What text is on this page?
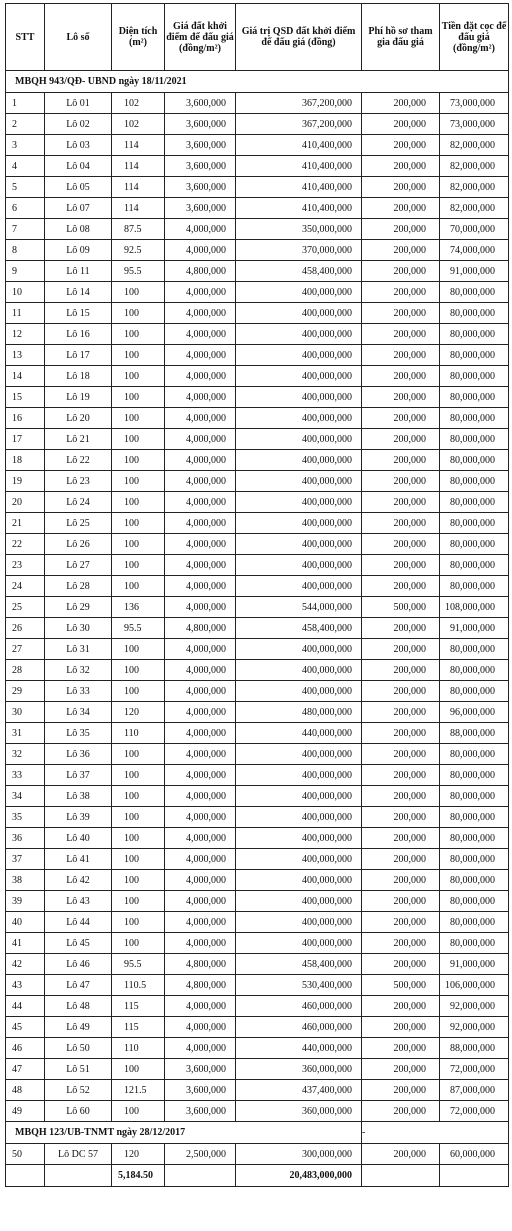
STT	Lô số	Diện tích (m²)	Giá đất khởi điểm để đấu giá (đồng/m²)	Giá trị QSD đất khởi điểm để đấu giá (đồng)	Phí hồ sơ tham gia đấu giá	Tiền đặt cọc để đấu giá (đồng/m²)
MBQH 943/QĐ- UBND ngày 18/11/2021						
1	Lô 01	102	3,600,000	367,200,000	200,000	73,000,000
2	Lô 02	102	3,600,000	367,200,000	200,000	73,000,000
3	Lô 03	114	3,600,000	410,400,000	200,000	82,000,000
4	Lô 04	114	3,600,000	410,400,000	200,000	82,000,000
5	Lô 05	114	3,600,000	410,400,000	200,000	82,000,000
6	Lô 07	114	3,600,000	410,400,000	200,000	82,000,000
7	Lô 08	87.5	4,000,000	350,000,000	200,000	70,000,000
8	Lô 09	92.5	4,000,000	370,000,000	200,000	74,000,000
9	Lô 11	95.5	4,800,000	458,400,000	200,000	91,000,000
10	Lô 14	100	4,000,000	400,000,000	200,000	80,000,000
11	Lô 15	100	4,000,000	400,000,000	200,000	80,000,000
12	Lô 16	100	4,000,000	400,000,000	200,000	80,000,000
13	Lô 17	100	4,000,000	400,000,000	200,000	80,000,000
14	Lô 18	100	4,000,000	400,000,000	200,000	80,000,000
15	Lô 19	100	4,000,000	400,000,000	200,000	80,000,000
16	Lô 20	100	4,000,000	400,000,000	200,000	80,000,000
17	Lô 21	100	4,000,000	400,000,000	200,000	80,000,000
18	Lô 22	100	4,000,000	400,000,000	200,000	80,000,000
19	Lô 23	100	4,000,000	400,000,000	200,000	80,000,000
20	Lô 24	100	4,000,000	400,000,000	200,000	80,000,000
21	Lô 25	100	4,000,000	400,000,000	200,000	80,000,000
22	Lô 26	100	4,000,000	400,000,000	200,000	80,000,000
23	Lô 27	100	4,000,000	400,000,000	200,000	80,000,000
24	Lô 28	100	4,000,000	400,000,000	200,000	80,000,000
25	Lô 29	136	4,000,000	544,000,000	500,000	108,000,000
26	Lô 30	95.5	4,800,000	458,400,000	200,000	91,000,000
27	Lô 31	100	4,000,000	400,000,000	200,000	80,000,000
28	Lô 32	100	4,000,000	400,000,000	200,000	80,000,000
29	Lô 33	100	4,000,000	400,000,000	200,000	80,000,000
30	Lô 34	120	4,000,000	480,000,000	200,000	96,000,000
31	Lô 35	110	4,000,000	440,000,000	200,000	88,000,000
32	Lô 36	100	4,000,000	400,000,000	200,000	80,000,000
33	Lô 37	100	4,000,000	400,000,000	200,000	80,000,000
34	Lô 38	100	4,000,000	400,000,000	200,000	80,000,000
35	Lô 39	100	4,000,000	400,000,000	200,000	80,000,000
36	Lô 40	100	4,000,000	400,000,000	200,000	80,000,000
37	Lô 41	100	4,000,000	400,000,000	200,000	80,000,000
38	Lô 42	100	4,000,000	400,000,000	200,000	80,000,000
39	Lô 43	100	4,000,000	400,000,000	200,000	80,000,000
40	Lô 44	100	4,000,000	400,000,000	200,000	80,000,000
41	Lô 45	100	4,000,000	400,000,000	200,000	80,000,000
42	Lô 46	95.5	4,800,000	458,400,000	200,000	91,000,000
43	Lô 47	110.5	4,800,000	530,400,000	500,000	106,000,000
44	Lô 48	115	4,000,000	460,000,000	200,000	92,000,000
45	Lô 49	115	4,000,000	460,000,000	200,000	92,000,000
46	Lô 50	110	4,000,000	440,000,000	200,000	88,000,000
47	Lô 51	100	3,600,000	360,000,000	200,000	72,000,000
48	Lô 52	121.5	3,600,000	437,400,000	200,000	87,000,000
49	Lô 60	100	3,600,000	360,000,000	200,000	72,000,000
MBQH 123/UB-TNMT ngày 28/12/2017					-	
50	Lô DC 57	120	2,500,000	300,000,000	200,000	60,000,000
		5,184.50		20,483,000,000		
